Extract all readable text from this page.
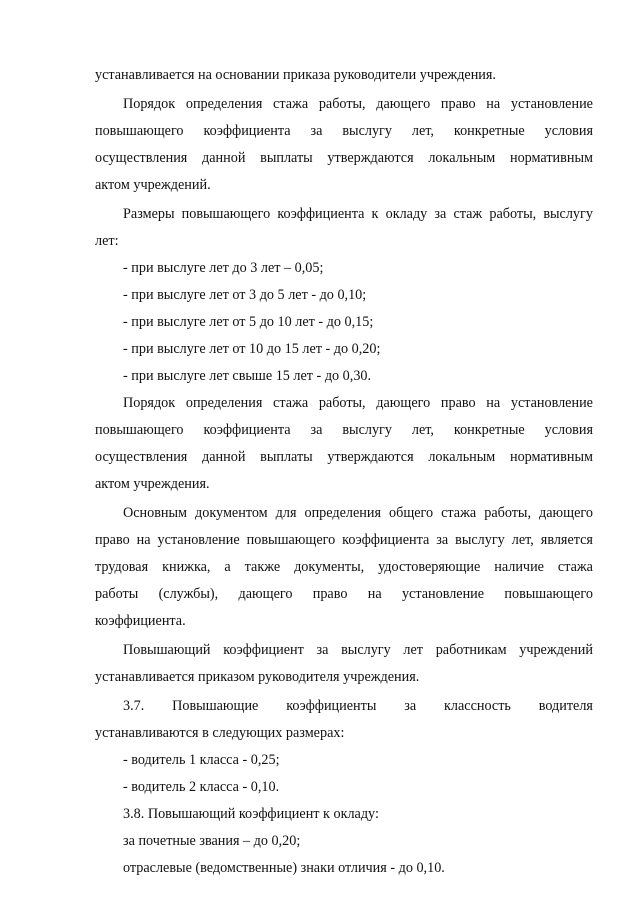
устанавливается на основании приказа руководители учреждения.
Порядок определения стажа работы, дающего право на установление
повышающего коэффициента за выслугу лет, конкретные условия
осуществления данной выплаты утверждаются локальным нормативным
актом учреждений.
Размеры повышающего коэффициента к окладу за стаж работы, выслугу
лет:
- при выслуге лет до 3 лет – 0,05;
- при выслуге лет от 3 до 5 лет - до 0,10;
- при выслуге лет от 5 до 10 лет - до 0,15;
- при выслуге лет от 10 до 15 лет - до 0,20;
- при выслуге лет свыше 15 лет - до 0,30.
Порядок определения стажа работы, дающего право на установление
повышающего коэффициента за выслугу лет, конкретные условия
осуществления данной выплаты утверждаются локальным нормативным
актом учреждения.
Основным документом для определения общего стажа работы, дающего
право на установление повышающего коэффициента за выслугу лет, является
трудовая книжка, а также документы, удостоверяющие наличие стажа
работы (службы), дающего право на установление повышающего
коэффициента.
Повышающий коэффициент за выслугу лет работникам учреждений
устанавливается приказом руководителя учреждения.
3.7. Повышающие коэффициенты за классность водителя
устанавливаются в следующих размерах:
- водитель 1 класса - 0,25;
- водитель 2 класса - 0,10.
3.8. Повышающий коэффициент к окладу:
за почетные звания – до 0,20;
отраслевые (ведомственные) знаки отличия - до 0,10.
